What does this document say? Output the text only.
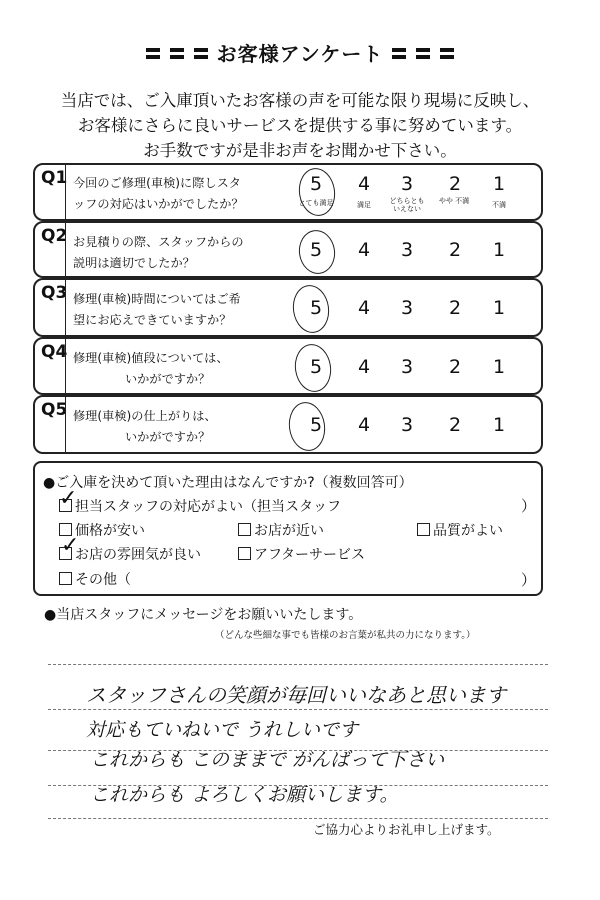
お客様アンケート
当店では、ご入庫頂いたお客様の声を可能な限り現場に反映し、
お客様にさらに良いサービスを提供する事に努めています。
お手数ですが是非お声をお聞かせ下さい。
Q1 今回のご修理(車検)に際しスタ
ッフの対応はいかがでしたか？
5	4	3	2	1
とても満足	満足	どちらとも いえない
やや 不満	不満
Q2 お見積りの際、スタッフからの
説明は適切でしたか？
5	4	3	2	1
Q3 修理(車検)時間についてはご希
望にお応えできていますか？
5	4	3	2	1
Q4 修理(車検)値段については、
いかがですか？
5	4	3	2	1
Q5 修理(車検)の仕上がりは、
いかがですか？
5	4	3	2	1
●ご入庫を決めて頂いた理由はなんですか?（複数回答可）
担当スタッフの対応がよい（担当スタッフ	）
価格が安い	お店が近い	品質がよい
お店の雰囲気が良い	アフターサービス
その他（	）
✓
✓
●当店スタッフにメッセージをお願いいたします。
（どんな些細な事でも皆様のお言葉が私共の力になります。）
スタッフさんの笑顔が毎回いいなあと思います
対応もていねいで うれしいです
これからも このままで がんばって下さい
これからも よろしくお願いします。
ご協力心よりお礼申し上げます。
